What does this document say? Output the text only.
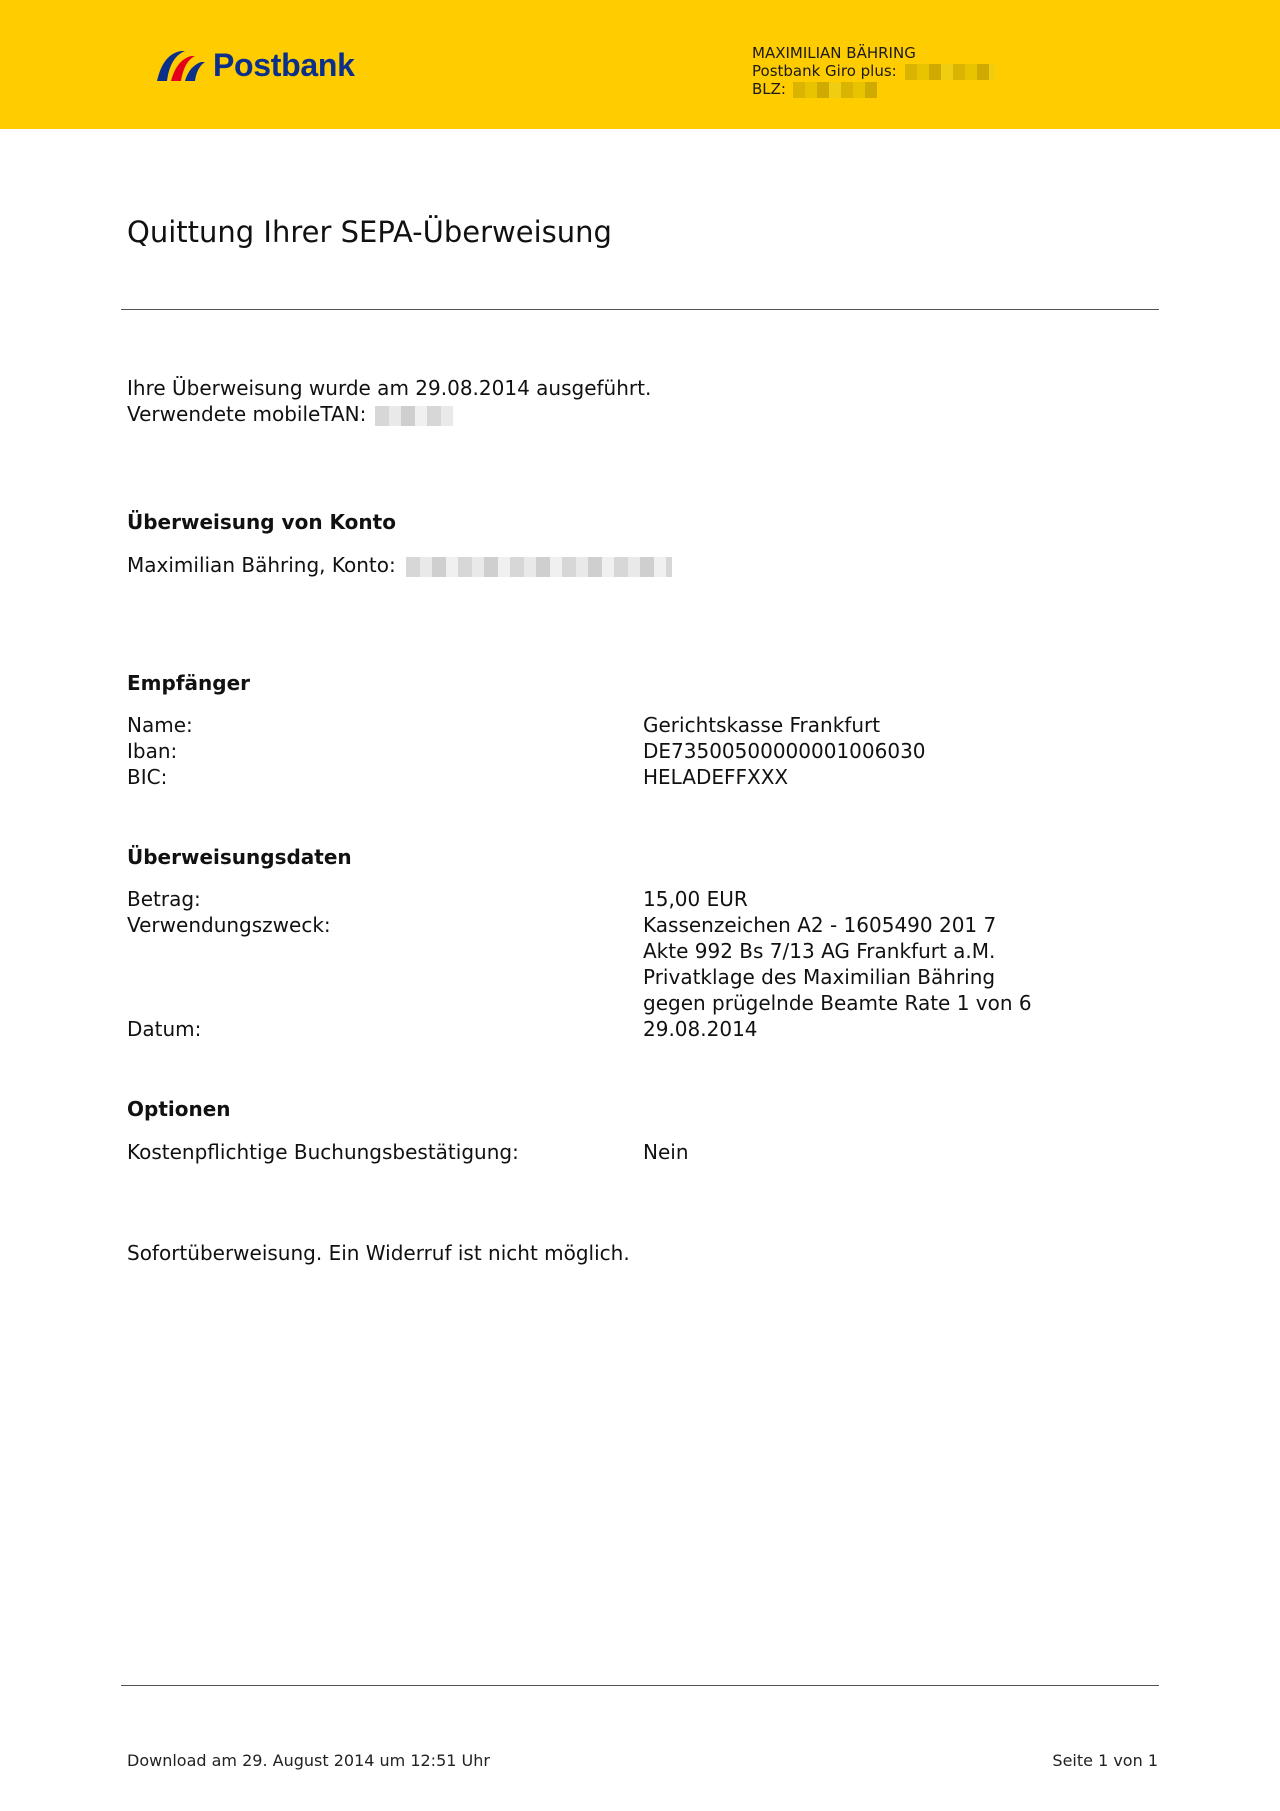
Postbank	MAXIMILIAN BÄHRING
Postbank Giro plus:
BLZ:
Quittung Ihrer SEPA-Überweisung
Ihre Überweisung wurde am 29.08.2014 ausgeführt.
Verwendete mobileTAN:
Überweisung von Konto
Maximilian Bähring, Konto:
Empfänger
Name:	Gerichtskasse Frankfurt
Iban:	DE73500500000001006030
BIC:	HELADEFFXXX
Überweisungsdaten
Betrag:	15,00 EUR
Verwendungszweck:	Kassenzeichen A2 - 1605490 201 7
Akte 992 Bs 7/13 AG Frankfurt a.M.
Privatklage des Maximilian Bähring
gegen prügelnde Beamte Rate 1 von 6
Datum:	29.08.2014
Optionen
Kostenpflichtige Buchungsbestätigung:	Nein
Sofortüberweisung. Ein Widerruf ist nicht möglich.
Download am 29. August 2014 um 12:51 Uhr	Seite 1 von 1
